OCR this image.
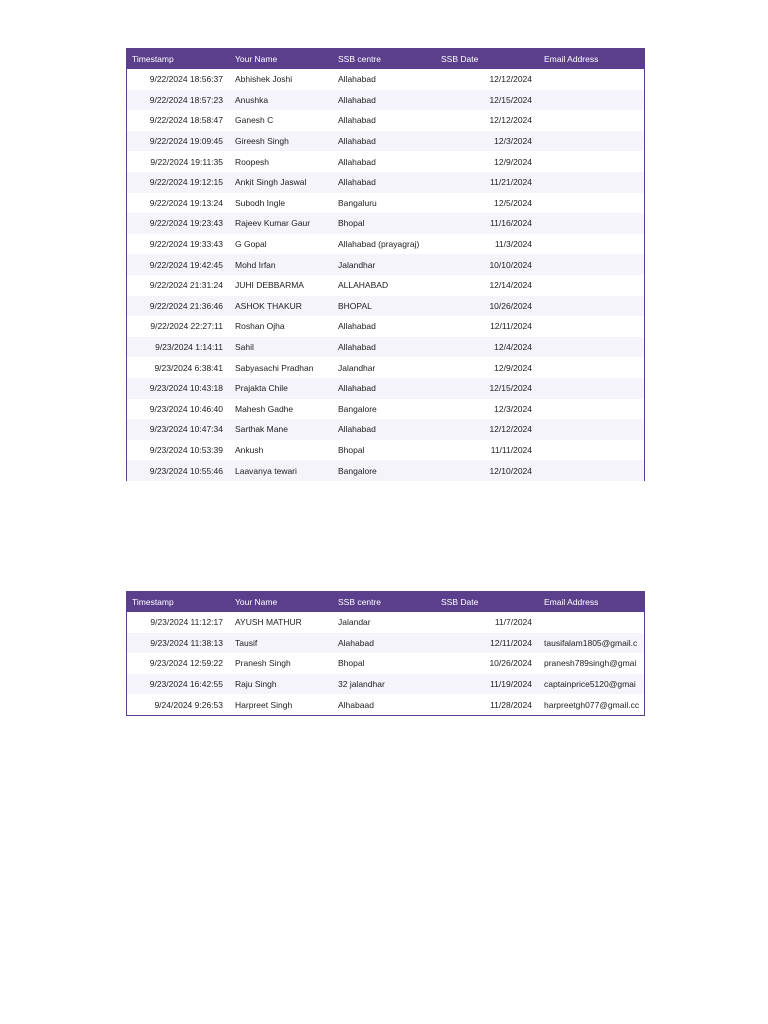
Timestamp	Your Name	SSB centre	SSB Date	Email Address
9/22/2024 18:56:37	Abhishek Joshi	Allahabad	12/12/2024	
9/22/2024 18:57:23	Anushka	Allahabad	12/15/2024	
9/22/2024 18:58:47	Ganesh C	Allahabad	12/12/2024	
9/22/2024 19:09:45	Gireesh Singh	Allahabad	12/3/2024	
9/22/2024 19:11:35	Roopesh	Allahabad	12/9/2024	
9/22/2024 19:12:15	Ankit Singh Jaswal	Allahabad	11/21/2024	
9/22/2024 19:13:24	Subodh Ingle	Bangaluru	12/5/2024	
9/22/2024 19:23:43	Rajeev Kumar Gaur	Bhopal	11/16/2024	
9/22/2024 19:33:43	G Gopal	Allahabad (prayagraj)	11/3/2024	
9/22/2024 19:42:45	Mohd Irfan	Jalandhar	10/10/2024	
9/22/2024 21:31:24	JUHI DEBBARMA	ALLAHABAD	12/14/2024	
9/22/2024 21:36:46	ASHOK THAKUR	BHOPAL	10/26/2024	
9/22/2024 22:27:11	Roshan Ojha	Allahabad	12/11/2024	
9/23/2024 1:14:11	Sahil	Allahabad	12/4/2024	
9/23/2024 6:38:41	Sabyasachi Pradhan	Jalandhar	12/9/2024	
9/23/2024 10:43:18	Prajakta Chile	Allahabad	12/15/2024	
9/23/2024 10:46:40	Mahesh Gadhe	Bangalore	12/3/2024	
9/23/2024 10:47:34	Sarthak Mane	Allahabad	12/12/2024	
9/23/2024 10:53:39	Ankush	Bhopal	11/11/2024	
9/23/2024 10:55:46	Laavanya tewari	Bangalore	12/10/2024	
Timestamp	Your Name	SSB centre	SSB Date	Email Address
9/23/2024 11:12:17	AYUSH MATHUR	Jalandar	11/7/2024	
9/23/2024 11:38:13	Tausif	Alahabad	12/11/2024	tausifalam1805@gmail.c
9/23/2024 12:59:22	Pranesh Singh	Bhopal	10/26/2024	pranesh789singh@gmai
9/23/2024 16:42:55	Raju Singh	32 jalandhar	11/19/2024	captainprice5120@gmai
9/24/2024 9:26:53	Harpreet Singh	Alhabaad	11/28/2024	harpreetgh077@gmail.cc
